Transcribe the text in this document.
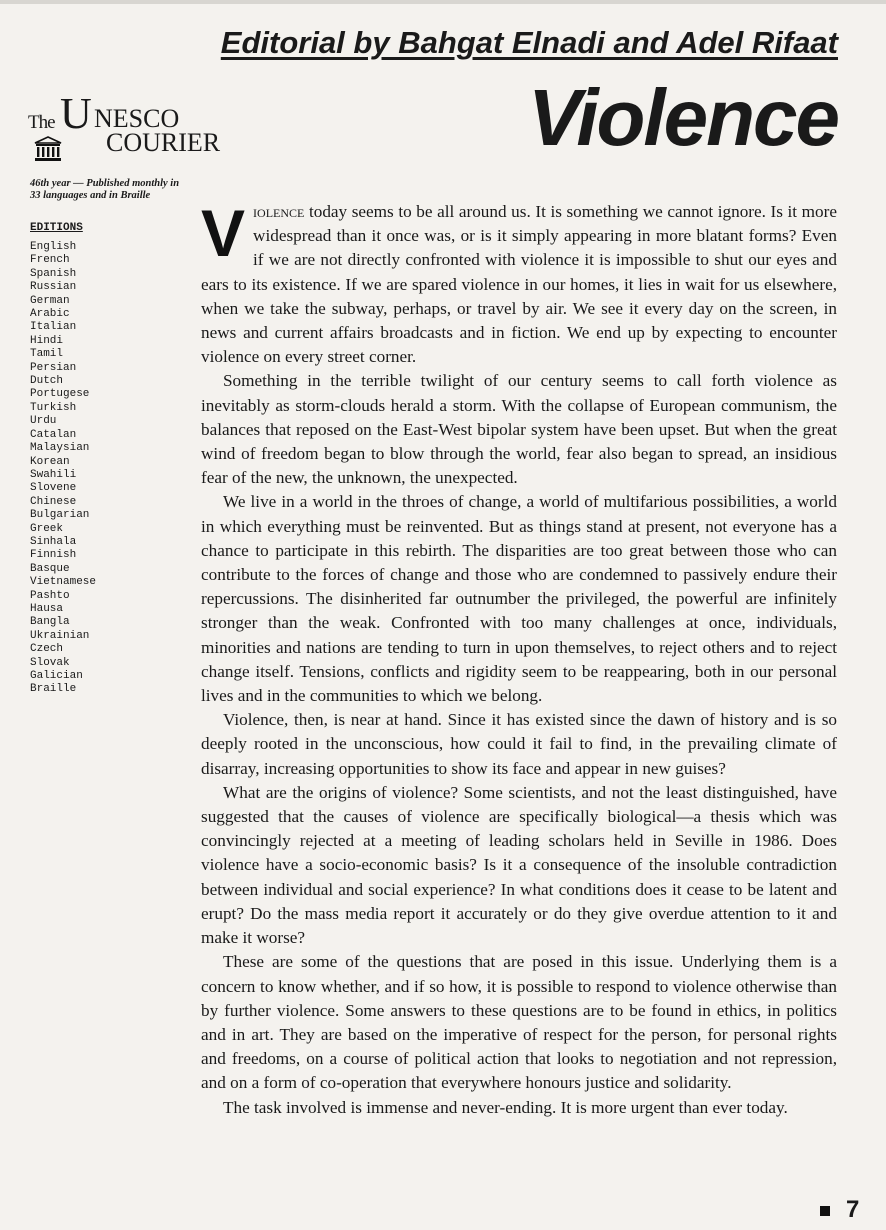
Editorial by Bahgat Elnadi and Adel Rifaat
Violence
The U NESCO
COURIER
46th year — Published monthly in 33 languages and in Braille
EDITIONS
English
French
Spanish
Russian
German
Arabic
Italian
Hindi
Tamil
Persian
Dutch
Portugese
Turkish
Urdu
Catalan
Malaysian
Korean
Swahili
Slovene
Chinese
Bulgarian
Greek
Sinhala
Finnish
Basque
Vietnamese
Pashto
Hausa
Bangla
Ukrainian
Czech
Slovak
Galician
Braille

Violence today seems to be all around us. It is something we cannot ignore. Is it more widespread than it once was, or is it simply appearing in more blatant forms? Even if we are not directly confronted with violence it is impossible to shut our eyes and ears to its existence. If we are spared violence in our homes, it lies in wait for us elsewhere, when we take the subway, perhaps, or travel by air. We see it every day on the screen, in news and current affairs broadcasts and in fiction. We end up by expecting to encounter violence on every street corner.

Something in the terrible twilight of our century seems to call forth violence as inevitably as storm-clouds herald a storm. With the collapse of European communism, the balances that reposed on the East-West bipolar system have been upset. But when the great wind of freedom began to blow through the world, fear also began to spread, an insidious fear of the new, the unknown, the unexpected.

We live in a world in the throes of change, a world of multifarious possibilities, a world in which everything must be reinvented. But as things stand at present, not everyone has a chance to participate in this rebirth. The disparities are too great between those who can contribute to the forces of change and those who are condemned to passively endure their repercussions. The disinherited far outnumber the privileged, the powerful are infinitely stronger than the weak. Confronted with too many challenges at once, individuals, minorities and nations are tending to turn in upon themselves, to reject others and to reject change itself. Tensions, conflicts and rigidity seem to be reappearing, both in our personal lives and in the communities to which we belong.

Violence, then, is near at hand. Since it has existed since the dawn of history and is so deeply rooted in the unconscious, how could it fail to find, in the prevailing climate of disarray, increasing opportunities to show its face and appear in new guises?

What are the origins of violence? Some scientists, and not the least distinguished, have suggested that the causes of violence are specifically biological—a thesis which was convincingly rejected at a meeting of leading scholars held in Seville in 1986. Does violence have a socio-economic basis? Is it a consequence of the insoluble contradiction between individual and social experience? In what conditions does it cease to be latent and erupt? Do the mass media report it accurately or do they give overdue attention to it and make it worse?

These are some of the questions that are posed in this issue. Underlying them is a concern to know whether, and if so how, it is possible to respond to violence otherwise than by further violence. Some answers to these questions are to be found in ethics, in politics and in art. They are based on the imperative of respect for the person, for personal rights and freedoms, on a course of political action that looks to negotiation and not repression, and on a form of co-operation that everywhere honours justice and solidarity.

The task involved is immense and never-ending. It is more urgent than ever today.

7
